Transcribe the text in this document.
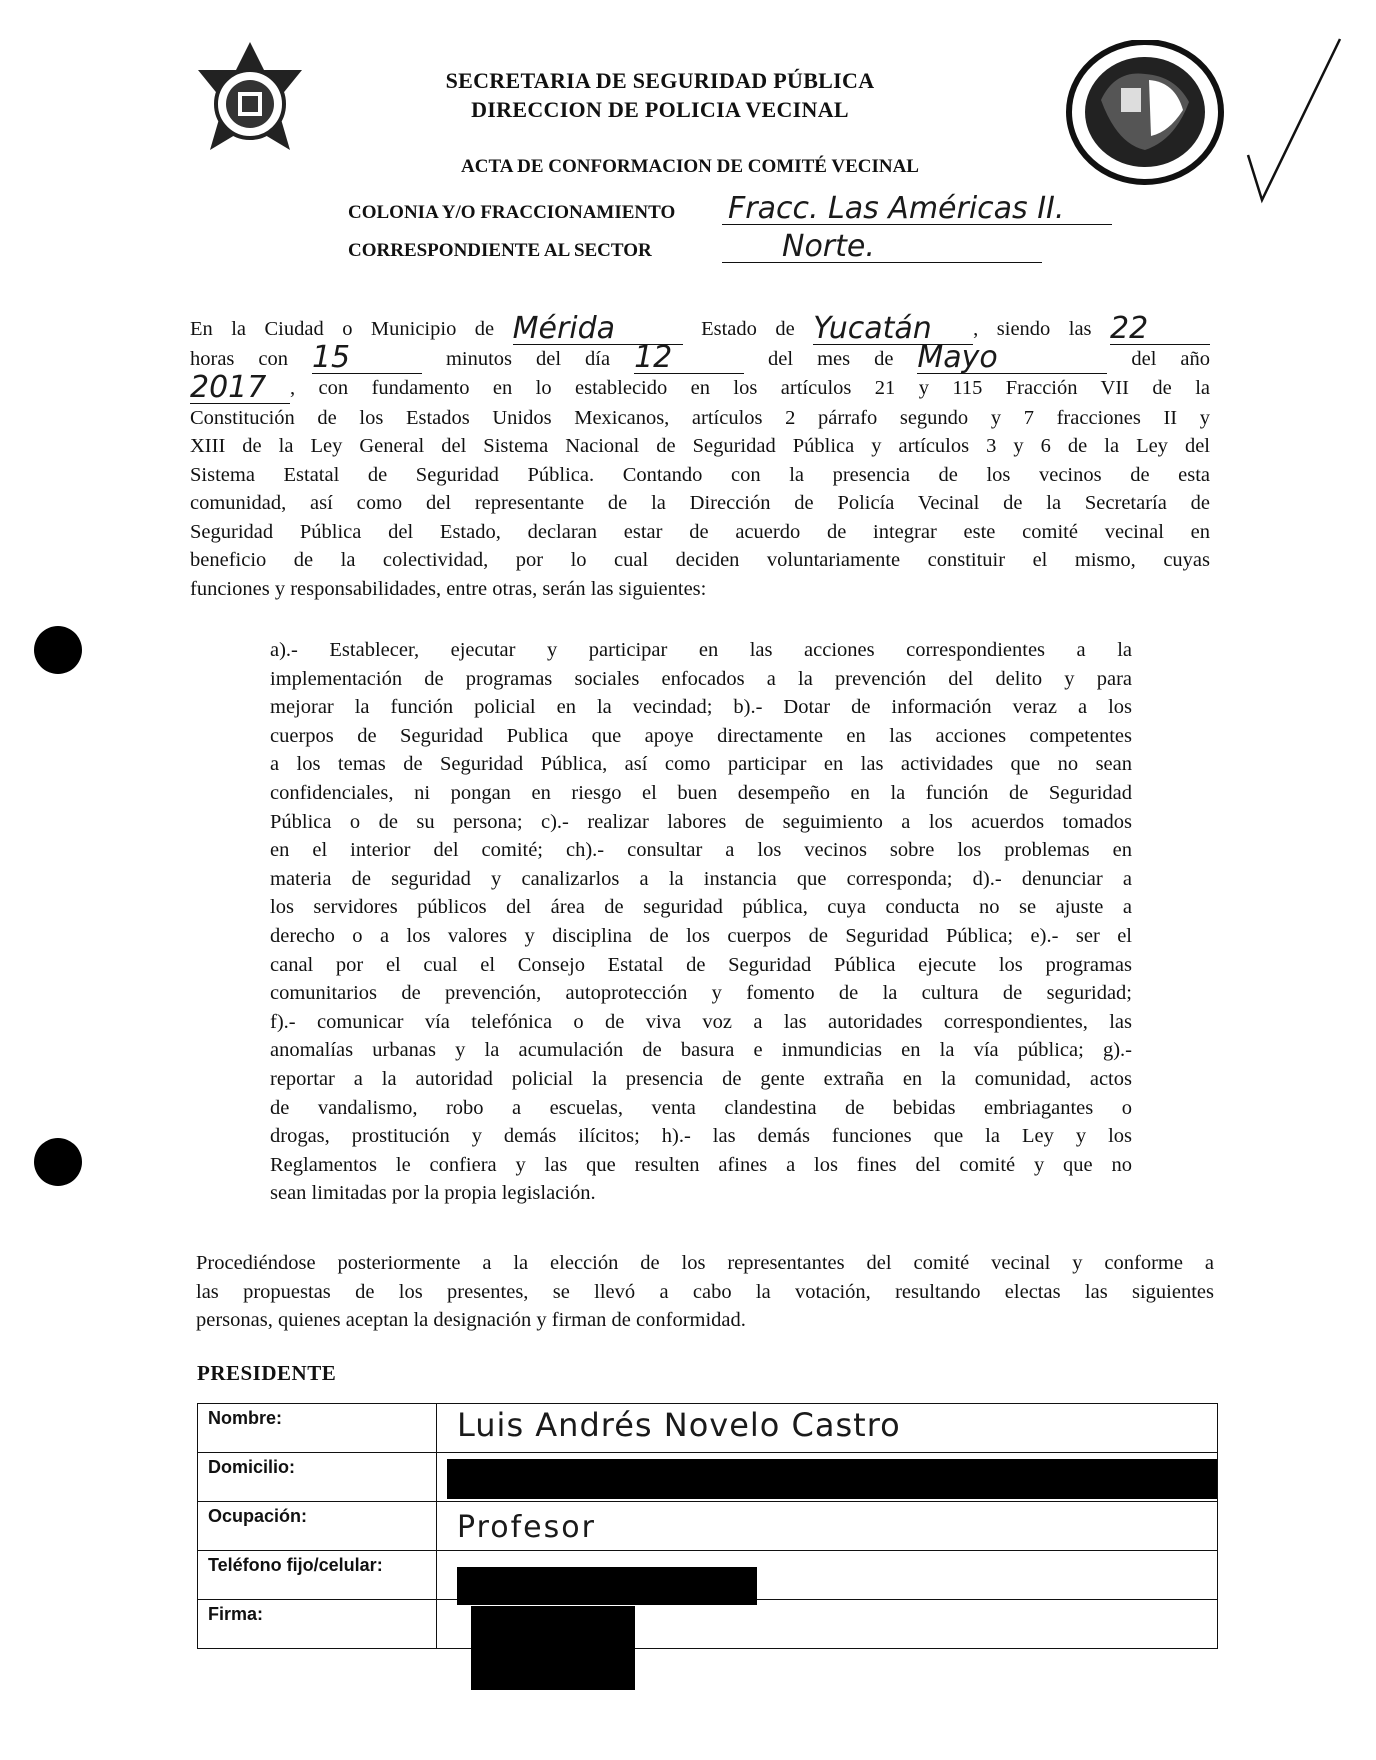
SECRETARIA DE SEGURIDAD PÚBLICA
DIRECCION DE POLICIA VECINAL
ACTA DE CONFORMACION DE COMITÉ VECINAL
COLONIA Y/O FRACCIONAMIENTO Fracc. Las Américas II.
CORRESPONDIENTE AL SECTOR	Norte.
En la Ciudad o Municipio de Mérida	Estado de Yucatán	, siendo las 22

horas con 15	minutos del día 12	del mes de Mayo	del año
2017	, con fundamento en lo establecido en los artículos 21 y 115 Fracción VII de la
Constitución de los Estados Unidos Mexicanos, artículos 2 párrafo segundo y 7 fracciones II y
XIII de la Ley General del Sistema Nacional de Seguridad Pública y artículos 3 y 6 de la Ley del
Sistema Estatal de Seguridad Pública. Contando con la presencia de los vecinos de esta
comunidad, así como del representante de la Dirección de Policía Vecinal de la Secretaría de
Seguridad Pública del Estado, declaran estar de acuerdo de integrar este comité vecinal en
beneficio de la colectividad, por lo cual deciden voluntariamente constituir el mismo, cuyas
funciones y responsabilidades, entre otras, serán las siguientes:
a).- Establecer, ejecutar y participar en las acciones correspondientes a la
implementación de programas sociales enfocados a la prevención del delito y para
mejorar la función policial en la vecindad; b).- Dotar de información veraz a los
cuerpos de Seguridad Publica que apoye directamente en las acciones competentes
a los temas de Seguridad Pública, así como participar en las actividades que no sean
confidenciales, ni pongan en riesgo el buen desempeño en la función de Seguridad
Pública o de su persona; c).- realizar labores de seguimiento a los acuerdos tomados
en el interior del comité; ch).- consultar a los vecinos sobre los problemas en
materia de seguridad y canalizarlos a la instancia que corresponda; d).- denunciar a
los servidores públicos del área de seguridad pública, cuya conducta no se ajuste a
derecho o a los valores y disciplina de los cuerpos de Seguridad Pública; e).- ser el
canal por el cual el Consejo Estatal de Seguridad Pública ejecute los programas
comunitarios de prevención, autoprotección y fomento de la cultura de seguridad;
f).- comunicar vía telefónica o de viva voz a las autoridades correspondientes, las
anomalías urbanas y la acumulación de basura e inmundicias en la vía pública; g).-
reportar a la autoridad policial la presencia de gente extraña en la comunidad, actos
de vandalismo, robo a escuelas, venta clandestina de bebidas embriagantes o
drogas, prostitución y demás ilícitos; h).- las demás funciones que la Ley y los
Reglamentos le confiera y las que resulten afines a los fines del comité y que no
sean limitadas por la propia legislación.
Procediéndose posteriormente a la elección de los representantes del comité vecinal y conforme a
las propuestas de los presentes, se llevó a cabo la votación, resultando electas las siguientes
personas, quienes aceptan la designación y firman de conformidad.
PRESIDENTE
Nombre:	Luis Andrés Novelo Castro

Domicilio:	

Ocupación:	Profesor

Teléfono fijo/celular:	

Firma:	
